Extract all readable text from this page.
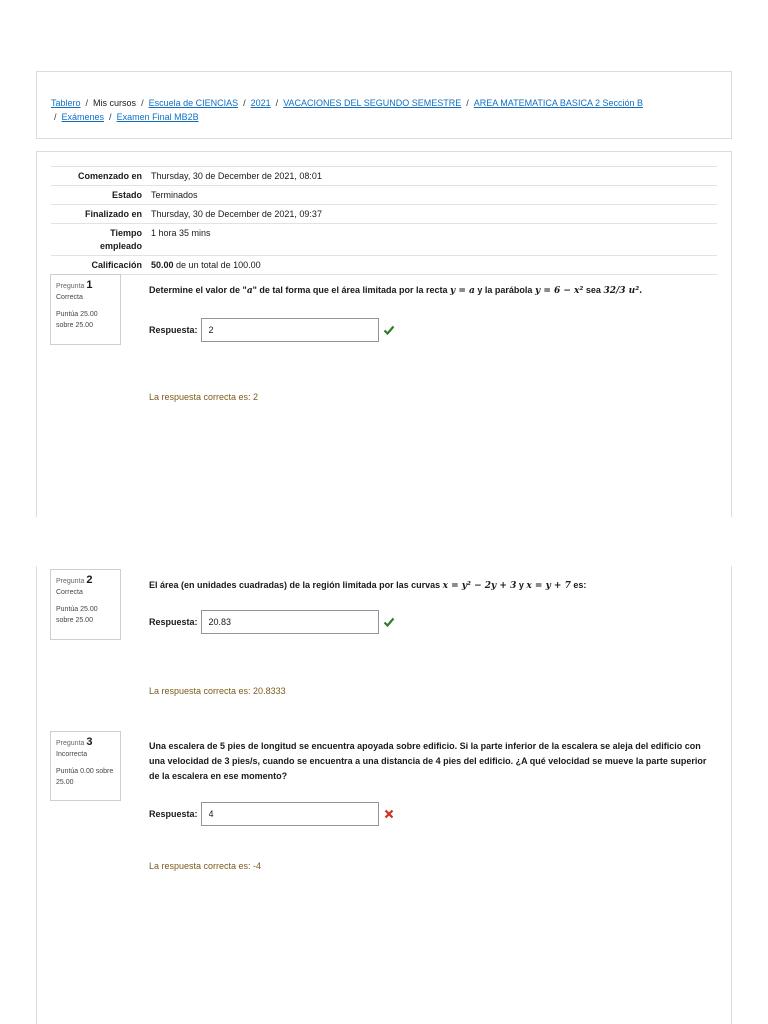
Tablero / Mis cursos / Escuela de CIENCIAS / 2021 / VACACIONES DEL SEGUNDO SEMESTRE / AREA MATEMATICA BASICA 2 Sección B
/ Exámenes / Examen Final MB2B
Comenzado en	Thursday, 30 de December de 2021, 08:01
Estado	Terminados
Finalizado en	Thursday, 30 de December de 2021, 09:37
Tiempo empleado
1 hora 35 mins
Calificación	50.00 de un total de 100.00
Pregunta 1
Correcta
Puntúa 25.00 sobre 25.00
Determine el valor de "a" de tal forma que el área limitada por la recta y = a y la parábola y = 6 − x² sea 32/3 u².
Respuesta:
2
La respuesta correcta es: 2
Pregunta 2
Correcta
Puntúa 25.00 sobre 25.00
El área (en unidades cuadradas) de la región limitada por las curvas x = y² − 2y + 3 y x = y + 7 es:
Respuesta:
20.83
La respuesta correcta es: 20.8333
Pregunta 3
Incorrecta
Puntúa 0.00 sobre 25.00
Una escalera de 5 pies de longitud se encuentra apoyada sobre edificio. Si la parte inferior de la escalera se aleja del edificio con una velocidad de 3 pies/s, cuando se encuentra a una distancia de 4 pies del edificio. ¿A qué velocidad se mueve la parte superior de la escalera en ese momento?
Respuesta:
4
La respuesta correcta es: -4
